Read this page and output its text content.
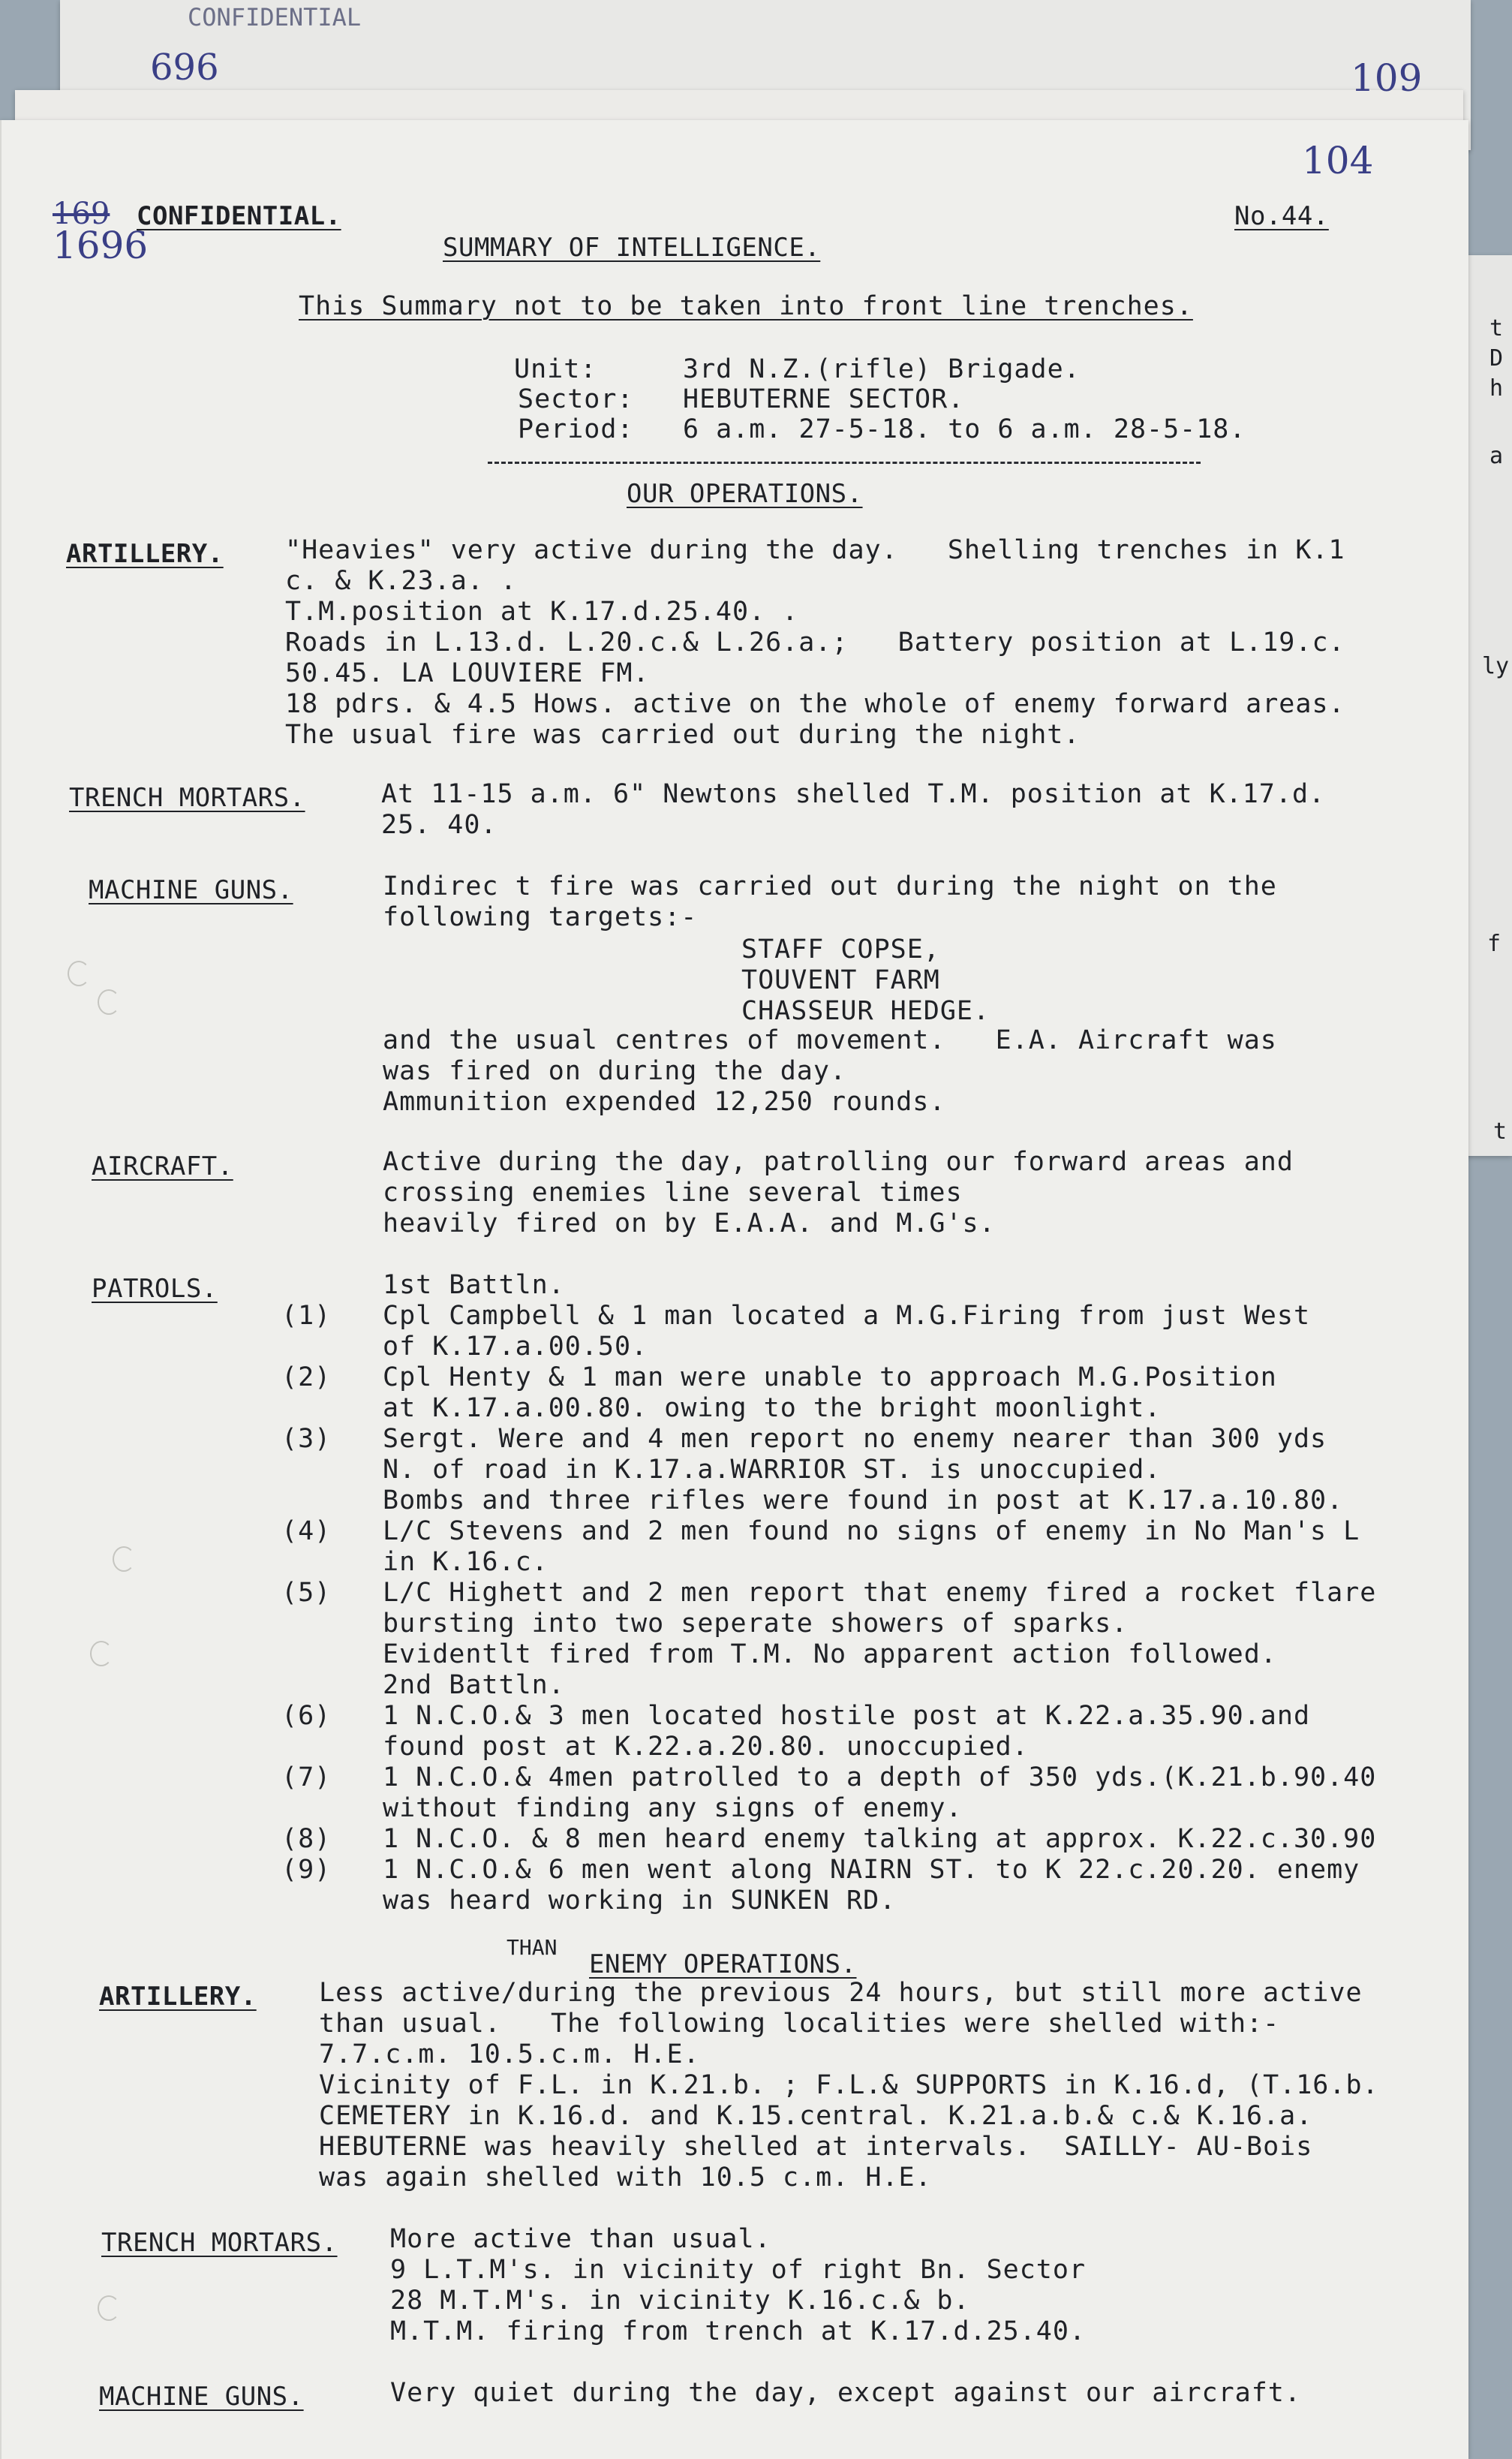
CONFIDENTIAL
696	109
t
D
h
a
ly
f
t
104
169
1696
CONFIDENTIAL.	No.44.
SUMMARY OF INTELLIGENCE.
This Summary not to be taken into front line trenches.
Unit:	3rd N.Z.(rifle) Brigade.
Sector: HEBUTERNE SECTOR.
Period: 6 a.m. 27-5-18. to 6 a.m. 28-5-18.
OUR OPERATIONS.
ARTILLERY. "Heavies" very active during the day.   Shelling trenches in K.1
c. & K.23.a. .
T.M.position at K.17.d.25.40. .
Roads in L.13.d. L.20.c.& L.26.a.;   Battery position at L.19.c.
50.45. LA LOUVIERE FM.
18 pdrs. & 4.5 Hows. active on the whole of enemy forward areas.
The usual fire was carried out during the night.
TRENCH MORTARS.	At 11-15 a.m. 6" Newtons shelled T.M. position at K.17.d.
25. 40.
MACHINE GUNS.	Indirec t fire was carried out during the night on the
following targets:-
STAFF COPSE,
TOUVENT FARM
CHASSEUR HEDGE.
and the usual centres of movement.   E.A. Aircraft was
was fired on during the day.
Ammunition expended 12,250 rounds.
AIRCRAFT.	Active during the day, patrolling our forward areas and
crossing enemies line several times
heavily fired on by E.A.A. and M.G's.
PATROLS.	1st Battln.
(1) Cpl Campbell & 1 man located a M.G.Firing from just West
of K.17.a.00.50.
(2) Cpl Henty & 1 man were unable to approach M.G.Position
at K.17.a.00.80. owing to the bright moonlight.
(3) Sergt. Were and 4 men report no enemy nearer than 300 yds
N. of road in K.17.a.WARRIOR ST. is unoccupied.
Bombs and three rifles were found in post at K.17.a.10.80.
(4) L/C Stevens and 2 men found no signs of enemy in No Man's L
in K.16.c.
(5) L/C Highett and 2 men report that enemy fired a rocket flare
bursting into two seperate showers of sparks.
Evidentlt fired from T.M. No apparent action followed.
2nd Battln.
(6) 1 N.C.O.& 3 men located hostile post at K.22.a.35.90.and
found post at K.22.a.20.80. unoccupied.
(7) 1 N.C.O.& 4men patrolled to a depth of 350 yds.(K.21.b.90.40
without finding any signs of enemy.
(8) 1 N.C.O. & 8 men heard enemy talking at approx. K.22.c.30.90
(9) 1 N.C.O.& 6 men went along NAIRN ST. to K 22.c.20.20. enemy
was heard working in SUNKEN RD.
THAN
ENEMY OPERATIONS.
ARTILLERY. Less active/during the previous 24 hours, but still more active
than usual.   The following localities were shelled with:-
7.7.c.m. 10.5.c.m. H.E.
Vicinity of F.L. in K.21.b. ; F.L.& SUPPORTS in K.16.d, (T.16.b.
CEMETERY in K.16.d. and K.15.central. K.21.a.b.& c.& K.16.a.
HEBUTERNE was heavily shelled at intervals.  SAILLY- AU-Bois
was again shelled with 10.5 c.m. H.E.
TRENCH MORTARS. More active than usual.
9 L.T.M's. in vicinity of right Bn. Sector
28 M.T.M's. in vicinity K.16.c.& b.
M.T.M. firing from trench at K.17.d.25.40.
MACHINE GUNS.	Very quiet during the day, except against our aircraft.
